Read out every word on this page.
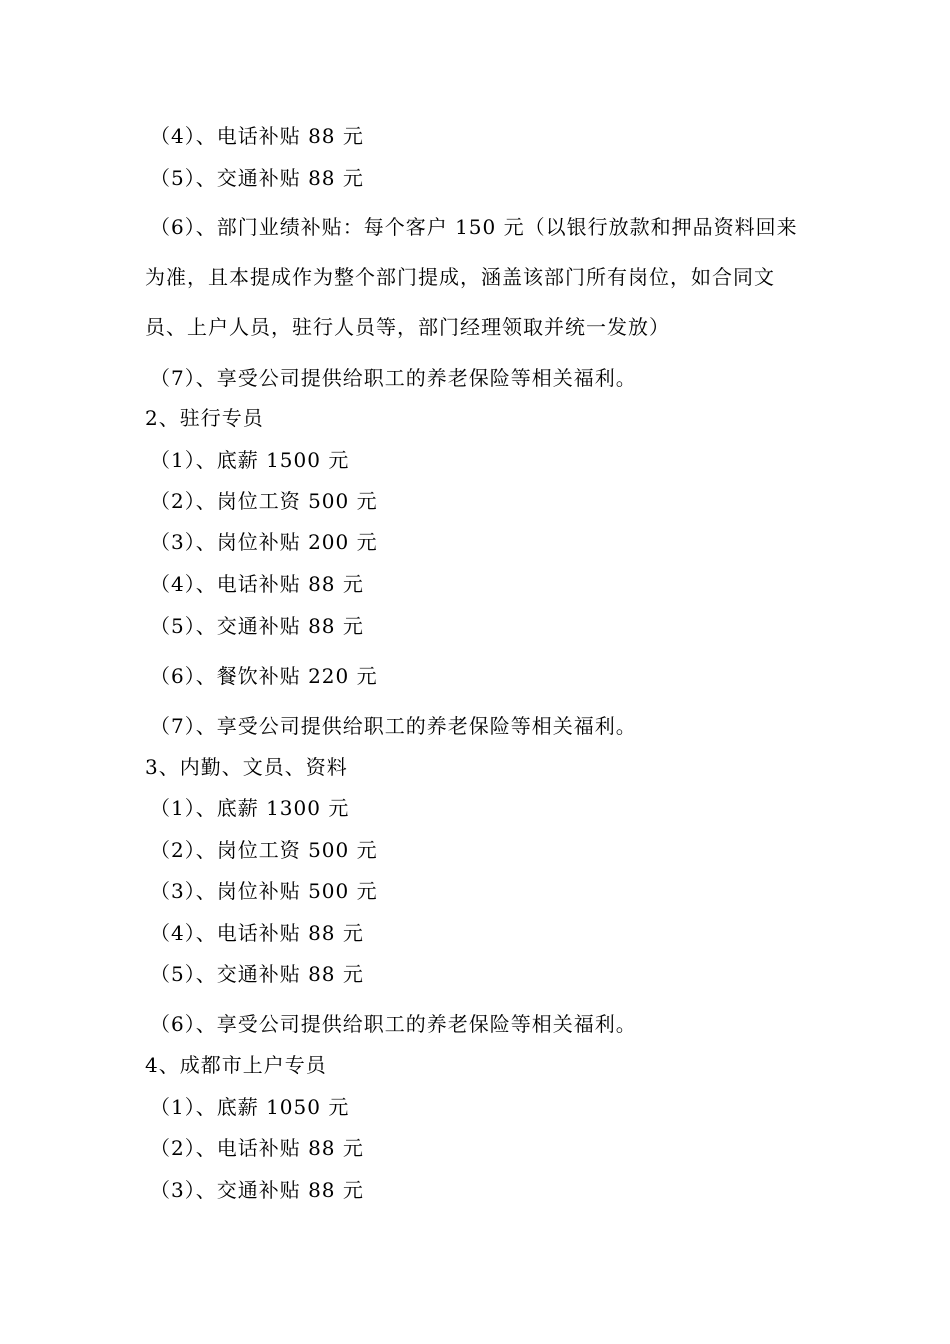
（4）、电话补贴 88 元
（5）、交通补贴 88 元
（6）、部门业绩补贴：每个客户 150 元（以银行放款和押品资料回来
为准，且本提成作为整个部门提成，涵盖该部门所有岗位，如合同文
员、上户人员，驻行人员等，部门经理领取并统一发放）
（7）、享受公司提供给职工的养老保险等相关福利。
2、驻行专员
（1）、底薪 1500 元
（2）、岗位工资 500 元
（3）、岗位补贴 200 元
（4）、电话补贴 88 元
（5）、交通补贴 88 元
（6）、餐饮补贴 220 元
（7）、享受公司提供给职工的养老保险等相关福利。
3、内勤、文员、资料
（1）、底薪 1300 元
（2）、岗位工资 500 元
（3）、岗位补贴 500 元
（4）、电话补贴 88 元
（5）、交通补贴 88 元
（6）、享受公司提供给职工的养老保险等相关福利。
4、成都市上户专员
（1）、底薪 1050 元
（2）、电话补贴 88 元
（3）、交通补贴 88 元
